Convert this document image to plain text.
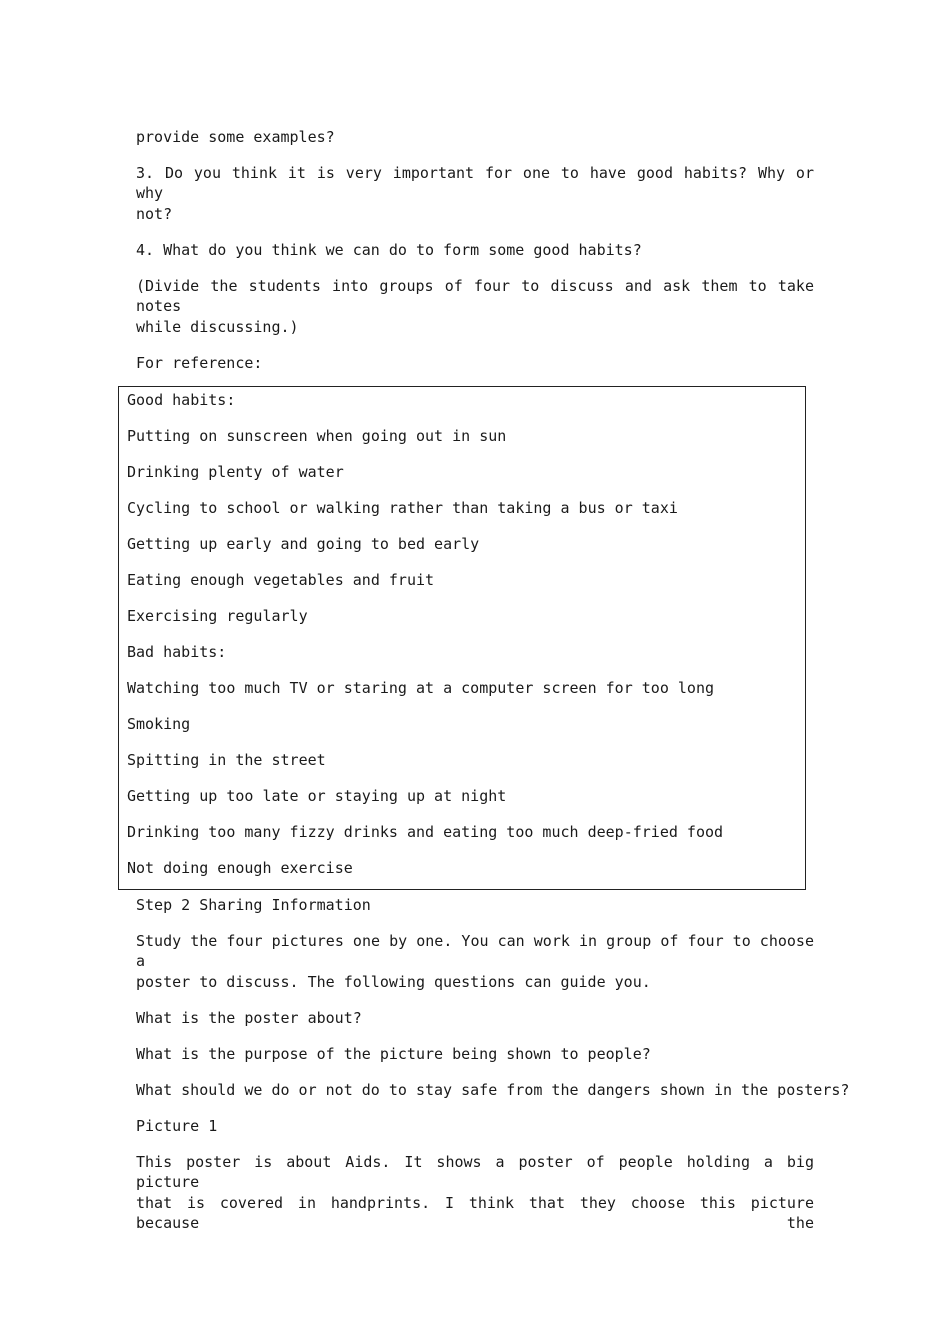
provide some examples?
3. Do you think it is very important for one to have good habits? Why or why
not?
4. What do you think we can do to form some good habits?
(Divide the students into groups of four to discuss and ask them to take notes
while discussing.)
For reference:
Good habits:
Putting on sunscreen when going out in sun
Drinking plenty of water
Cycling to school or walking rather than taking a bus or taxi
Getting up early and going to bed early
Eating enough vegetables and fruit
Exercising regularly
Bad habits:
Watching too much TV or staring at a computer screen for too long
Smoking
Spitting in the street
Getting up too late or staying up at night
Drinking too many fizzy drinks and eating too much deep-fried food
Not doing enough exercise
Step 2 Sharing Information
Study the four pictures one by one. You can work in group of four to choose a
poster to discuss. The following questions can guide you.
What is the poster about?
What is the purpose of the picture being shown to people?
What should we do or not do to stay safe from the dangers shown in the posters?
Picture 1
This poster is about Aids. It shows a poster of people holding a big picture
that is covered in handprints. I think that they choose this picture because the
